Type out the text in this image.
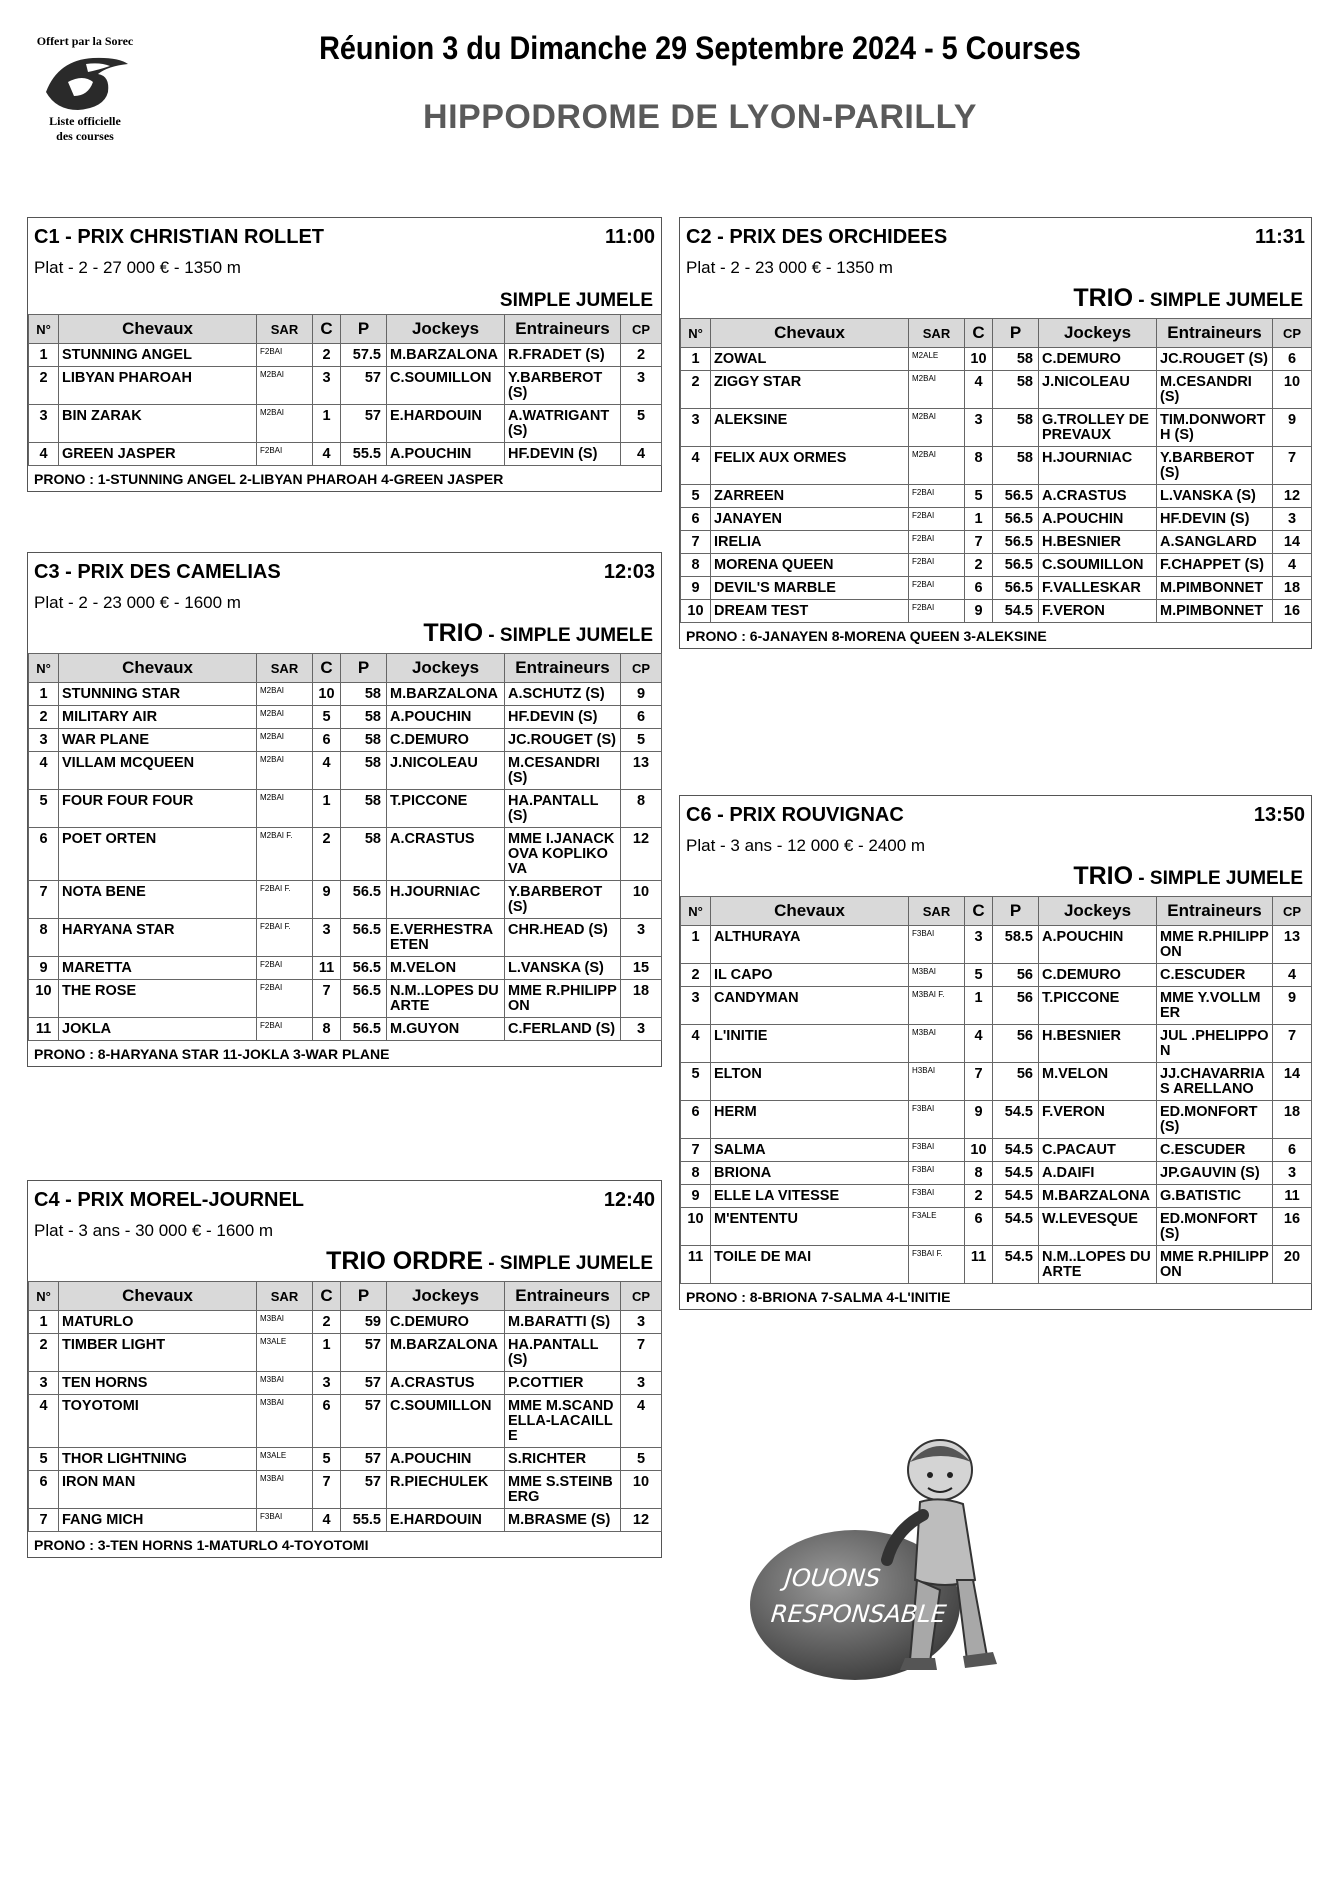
Offert par la Sorec
Liste officielle
des courses
Réunion 3 du Dimanche 29 Septembre 2024 - 5 Courses
HIPPODROME DE LYON-PARILLY
C1 - PRIX CHRISTIAN ROLLET	11:00
Plat - 2 - 27 000 € - 1350 m
SIMPLE JUMELE
N°	Chevaux	SAR	C	P	Jockeys	Entraineurs	CP
1	STUNNING ANGEL	F2BAI	2	57.5	M.BARZALONA	R.FRADET (S)	2
2	LIBYAN PHAROAH	M2BAI	3	57	C.SOUMILLON	Y.BARBEROT (S)	3
3	BIN ZARAK	M2BAI	1	57	E.HARDOUIN	A.WATRIGANT (S)	5
4	GREEN JASPER	F2BAI	4	55.5	A.POUCHIN	HF.DEVIN (S)	4
PRONO : 1-STUNNING ANGEL 2-LIBYAN PHAROAH 4-GREEN JASPER
C3 - PRIX DES CAMELIAS	12:03
Plat - 2 - 23 000 € - 1600 m
TRIO - SIMPLE JUMELE
N°	Chevaux	SAR	C	P	Jockeys	Entraineurs	CP
1	STUNNING STAR	M2BAI	10	58	M.BARZALONA	A.SCHUTZ (S)	9
2	MILITARY AIR	M2BAI	5	58	A.POUCHIN	HF.DEVIN (S)	6
3	WAR PLANE	M2BAI	6	58	C.DEMURO	JC.ROUGET (S)	5
4	VILLAM MCQUEEN	M2BAI	4	58	J.NICOLEAU	M.CESANDRI (S)	13
5	FOUR FOUR FOUR	M2BAI	1	58	T.PICCONE	HA.PANTALL (S)	8
6	POET ORTEN	M2BAI F.	2	58	A.CRASTUS	MME I.JANACKOVA KOPLIKOVA	12
7	NOTA BENE	F2BAI F.	9	56.5	H.JOURNIAC	Y.BARBEROT (S)	10
8	HARYANA STAR	F2BAI F.	3	56.5	E.VERHESTRAETEN	CHR.HEAD (S)	3
9	MARETTA	F2BAI	11	56.5	M.VELON	L.VANSKA (S)	15
10	THE ROSE	F2BAI	7	56.5	N.M..LOPES DUARTE	MME R.PHILIPPON	18
11	JOKLA	F2BAI	8	56.5	M.GUYON	C.FERLAND (S)	3
PRONO : 8-HARYANA STAR 11-JOKLA 3-WAR PLANE
C4 - PRIX MOREL-JOURNEL	12:40
Plat - 3 ans - 30 000 € - 1600 m
TRIO ORDRE - SIMPLE JUMELE
N°	Chevaux	SAR	C	P	Jockeys	Entraineurs	CP
1	MATURLO	M3BAI	2	59	C.DEMURO	M.BARATTI (S)	3
2	TIMBER LIGHT	M3ALE	1	57	M.BARZALONA	HA.PANTALL (S)	7
3	TEN HORNS	M3BAI	3	57	A.CRASTUS	P.COTTIER	3
4	TOYOTOMI	M3BAI	6	57	C.SOUMILLON	MME M.SCANDELLA-LACAILLE	4
5	THOR LIGHTNING	M3ALE	5	57	A.POUCHIN	S.RICHTER	5
6	IRON MAN	M3BAI	7	57	R.PIECHULEK	MME S.STEINBERG	10
7	FANG MICH	F3BAI	4	55.5	E.HARDOUIN	M.BRASME (S)	12
PRONO : 3-TEN HORNS 1-MATURLO 4-TOYOTOMI
C2 - PRIX DES ORCHIDEES	11:31
Plat - 2 - 23 000 € - 1350 m
TRIO - SIMPLE JUMELE
N°	Chevaux	SAR	C	P	Jockeys	Entraineurs	CP
1	ZOWAL	M2ALE	10	58	C.DEMURO	JC.ROUGET (S)	6
2	ZIGGY STAR	M2BAI	4	58	J.NICOLEAU	M.CESANDRI (S)	10
3	ALEKSINE	M2BAI	3	58	G.TROLLEY DE PREVAUX	TIM.DONWORTH (S)	9
4	FELIX AUX ORMES	M2BAI	8	58	H.JOURNIAC	Y.BARBEROT (S)	7
5	ZARREEN	F2BAI	5	56.5	A.CRASTUS	L.VANSKA (S)	12
6	JANAYEN	F2BAI	1	56.5	A.POUCHIN	HF.DEVIN (S)	3
7	IRELIA	F2BAI	7	56.5	H.BESNIER	A.SANGLARD	14
8	MORENA QUEEN	F2BAI	2	56.5	C.SOUMILLON	F.CHAPPET (S)	4
9	DEVIL'S MARBLE	F2BAI	6	56.5	F.VALLESKAR	M.PIMBONNET	18
10	DREAM TEST	F2BAI	9	54.5	F.VERON	M.PIMBONNET	16
PRONO : 6-JANAYEN 8-MORENA QUEEN 3-ALEKSINE
C6 - PRIX ROUVIGNAC	13:50
Plat - 3 ans - 12 000 € - 2400 m
TRIO - SIMPLE JUMELE
N°	Chevaux	SAR	C	P	Jockeys	Entraineurs	CP
1	ALTHURAYA	F3BAI	3	58.5	A.POUCHIN	MME R.PHILIPPON	13
2	IL CAPO	M3BAI	5	56	C.DEMURO	C.ESCUDER	4
3	CANDYMAN	M3BAI F.	1	56	T.PICCONE	MME Y.VOLLMER	9
4	L'INITIE	M3BAI	4	56	H.BESNIER	JUL .PHELIPPON	7
5	ELTON	H3BAI	7	56	M.VELON	JJ.CHAVARRIAS ARELLANO	14
6	HERM	F3BAI	9	54.5	F.VERON	ED.MONFORT (S)	18
7	SALMA	F3BAI	10	54.5	C.PACAUT	C.ESCUDER	6
8	BRIONA	F3BAI	8	54.5	A.DAIFI	JP.GAUVIN (S)	3
9	ELLE LA VITESSE	F3BAI	2	54.5	M.BARZALONA	G.BATISTIC	11
10	M'ENTENTU	F3ALE	6	54.5	W.LEVESQUE	ED.MONFORT (S)	16
11	TOILE DE MAI	F3BAI F.	11	54.5	N.M..LOPES DUARTE	MME R.PHILIPPON	20
PRONO : 8-BRIONA 7-SALMA 4-L'INITIE
JOUONS
RESPONSABLE
